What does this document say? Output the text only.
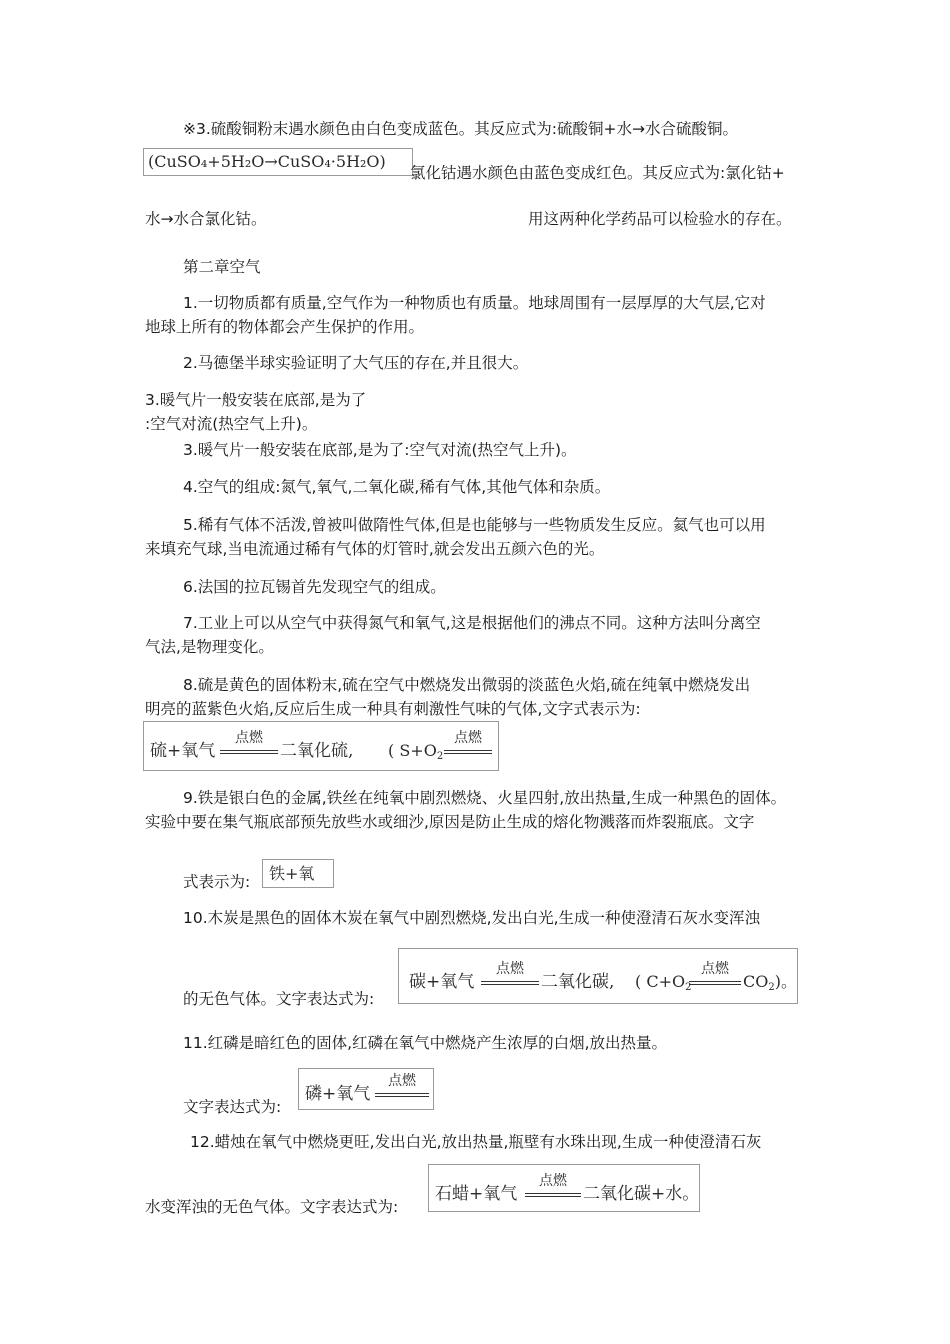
※3.硫酸铜粉末遇水颜色由白色变成蓝色。其反应式为:硫酸铜+水→水合硫酸铜。
(CuSO₄+5H₂O→CuSO₄·5H₂O)
氯化钴遇水颜色由蓝色变成红色。其反应式为:氯化钴+
水→水合氯化钴。	用这两种化学药品可以检验水的存在。
第二章空气
1.一切物质都有质量,空气作为一种物质也有质量。地球周围有一层厚厚的大气层,它对
地球上所有的物体都会产生保护的作用。
2.马德堡半球实验证明了大气压的存在,并且很大。
3.暖气片一般安装在底部,是为了
:空气对流(热空气上升)。
3.暖气片一般安装在底部,是为了:空气对流(热空气上升)。
4.空气的组成:氮气,氧气,二氧化碳,稀有气体,其他气体和杂质。
5.稀有气体不活泼,曾被叫做隋性气体,但是也能够与一些物质发生反应。氦气也可以用
来填充气球,当电流通过稀有气体的灯管时,就会发出五颜六色的光。
6.法国的拉瓦锡首先发现空气的组成。
7.工业上可以从空气中获得氮气和氧气,这是根据他们的沸点不同。这种方法叫分离空
气法,是物理变化。
8.硫是黄色的固体粉末,硫在空气中燃烧发出微弱的淡蓝色火焰,硫在纯氧中燃烧发出
明亮的蓝紫色火焰,反应后生成一种具有刺激性气味的气体,文字式表示为:
硫+氧气
点燃
二氧化硫, ( $S+O_2$
点燃
9.铁是银白色的金属,铁丝在纯氧中剧烈燃烧、火星四射,放出热量,生成一种黑色的固体。
实验中要在集气瓶底部预先放些水或细沙,原因是防止生成的熔化物溅落而炸裂瓶底。文字
式表示为:	铁+氧
10.木炭是黑色的固体木炭在氧气中剧烈燃烧,发出白光,生成一种使澄清石灰水变浑浊
的无色气体。文字表达式为:
碳+氧气
点燃
二氧化碳, ( $C+O_2$
点燃
$CO_2$)。
11.红磷是暗红色的固体,红磷在氧气中燃烧产生浓厚的白烟,放出热量。
文字表达式为:
磷+氧气
点燃
12.蜡烛在氧气中燃烧更旺,发出白光,放出热量,瓶壁有水珠出现,生成一种使澄清石灰
水变浑浊的无色气体。文字表达式为:
石蜡+氧气
点燃
二氧化碳+水。
